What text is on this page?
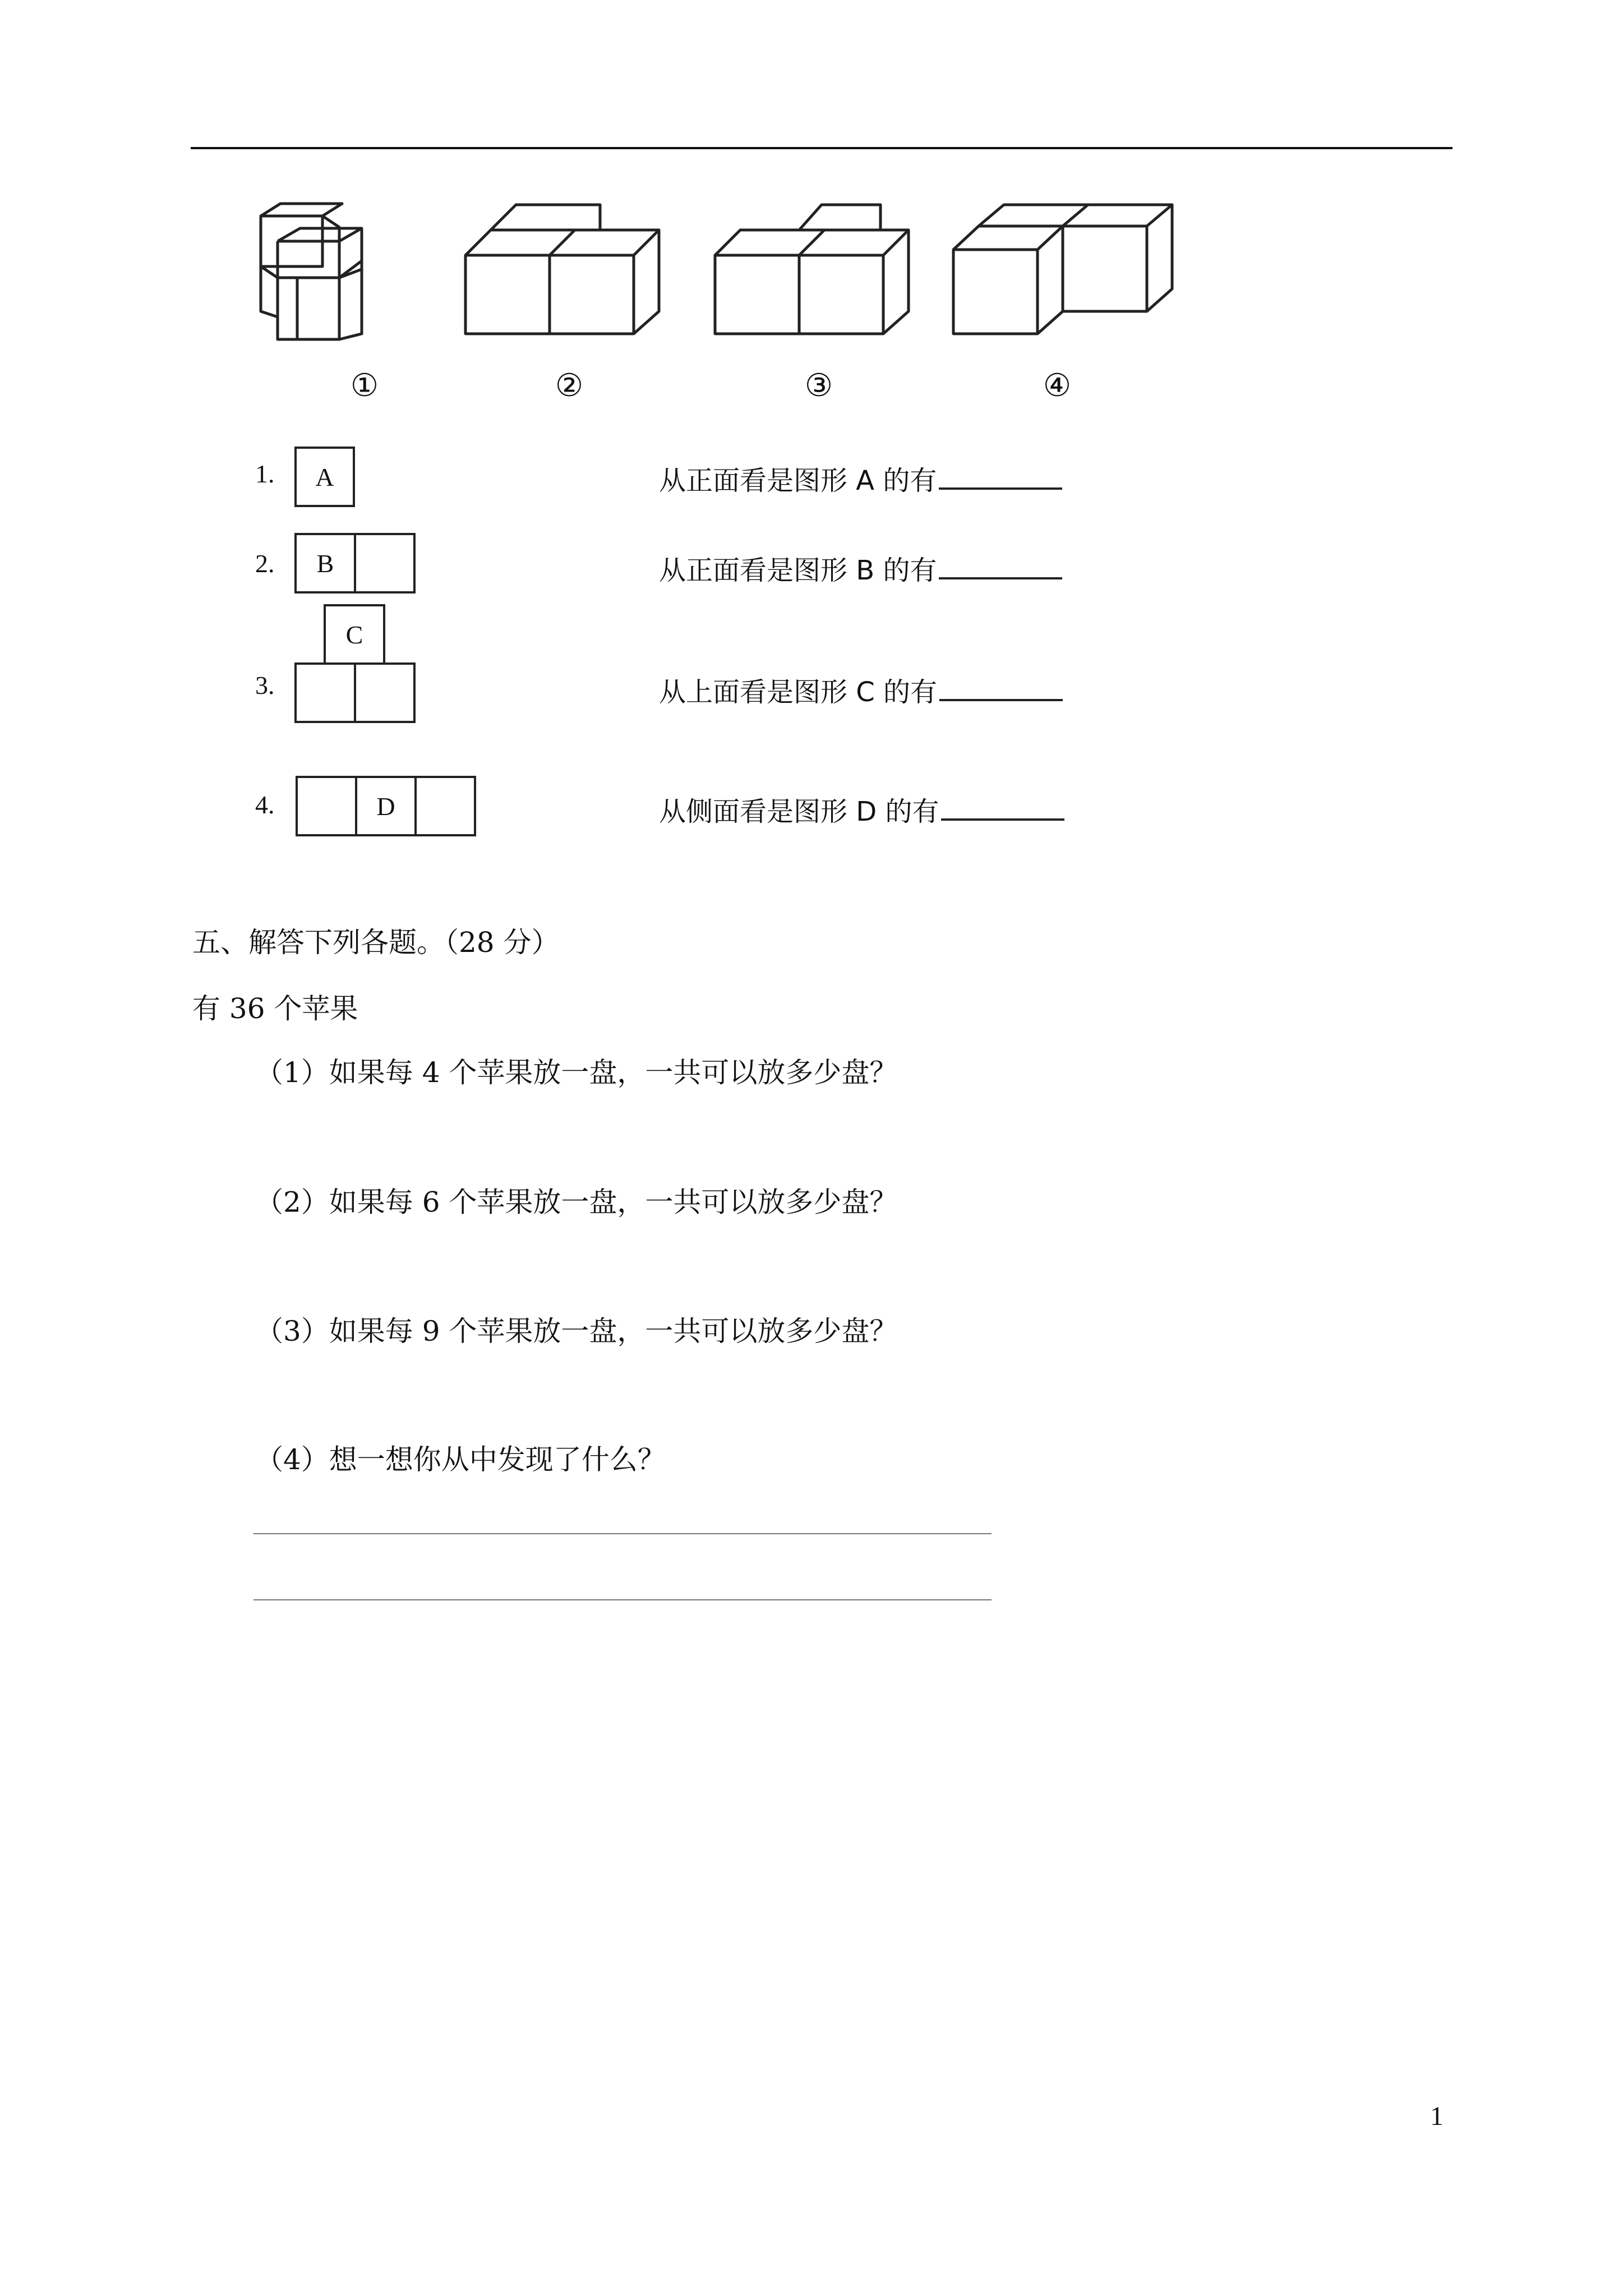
①	②	③	④
1.	A	从正面看是图形 A 的有
2.	B	从正面看是图形 B 的有
3.
C
从上面看是图形 C 的有
4.	D	从侧面看是图形 D 的有
五、解答下列各题。（28 分）
有 36 个苹果
（1）如果每 4 个苹果放一盘，一共可以放多少盘？
（2）如果每 6 个苹果放一盘，一共可以放多少盘？
（3）如果每 9 个苹果放一盘，一共可以放多少盘？
（4）想一想你从中发现了什么？
1
